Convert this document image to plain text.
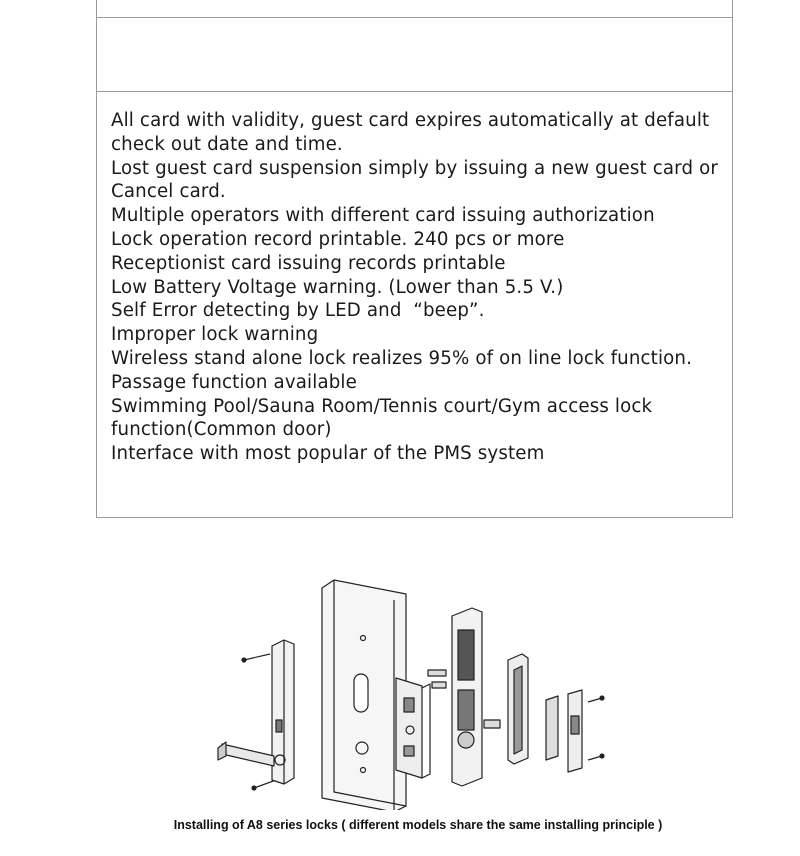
All card with validity, guest card expires automatically at default check out date and time.
Lost guest card suspension simply by issuing a new guest card or  Cancel card.
Multiple operators with different card issuing authorization
Lock operation record printable. 240 pcs or more
Receptionist card issuing records printable
Low Battery Voltage warning. (Lower than 5.5 V.)
Self Error detecting by LED and  “beep”.
Improper lock warning
Wireless stand alone lock realizes 95% of on line lock function.
Passage function available
Swimming Pool/Sauna Room/Tennis court/Gym access lock function(Common door)
Interface with most popular of the PMS system
Installing of A8 series locks ( different models share the same installing principle )
